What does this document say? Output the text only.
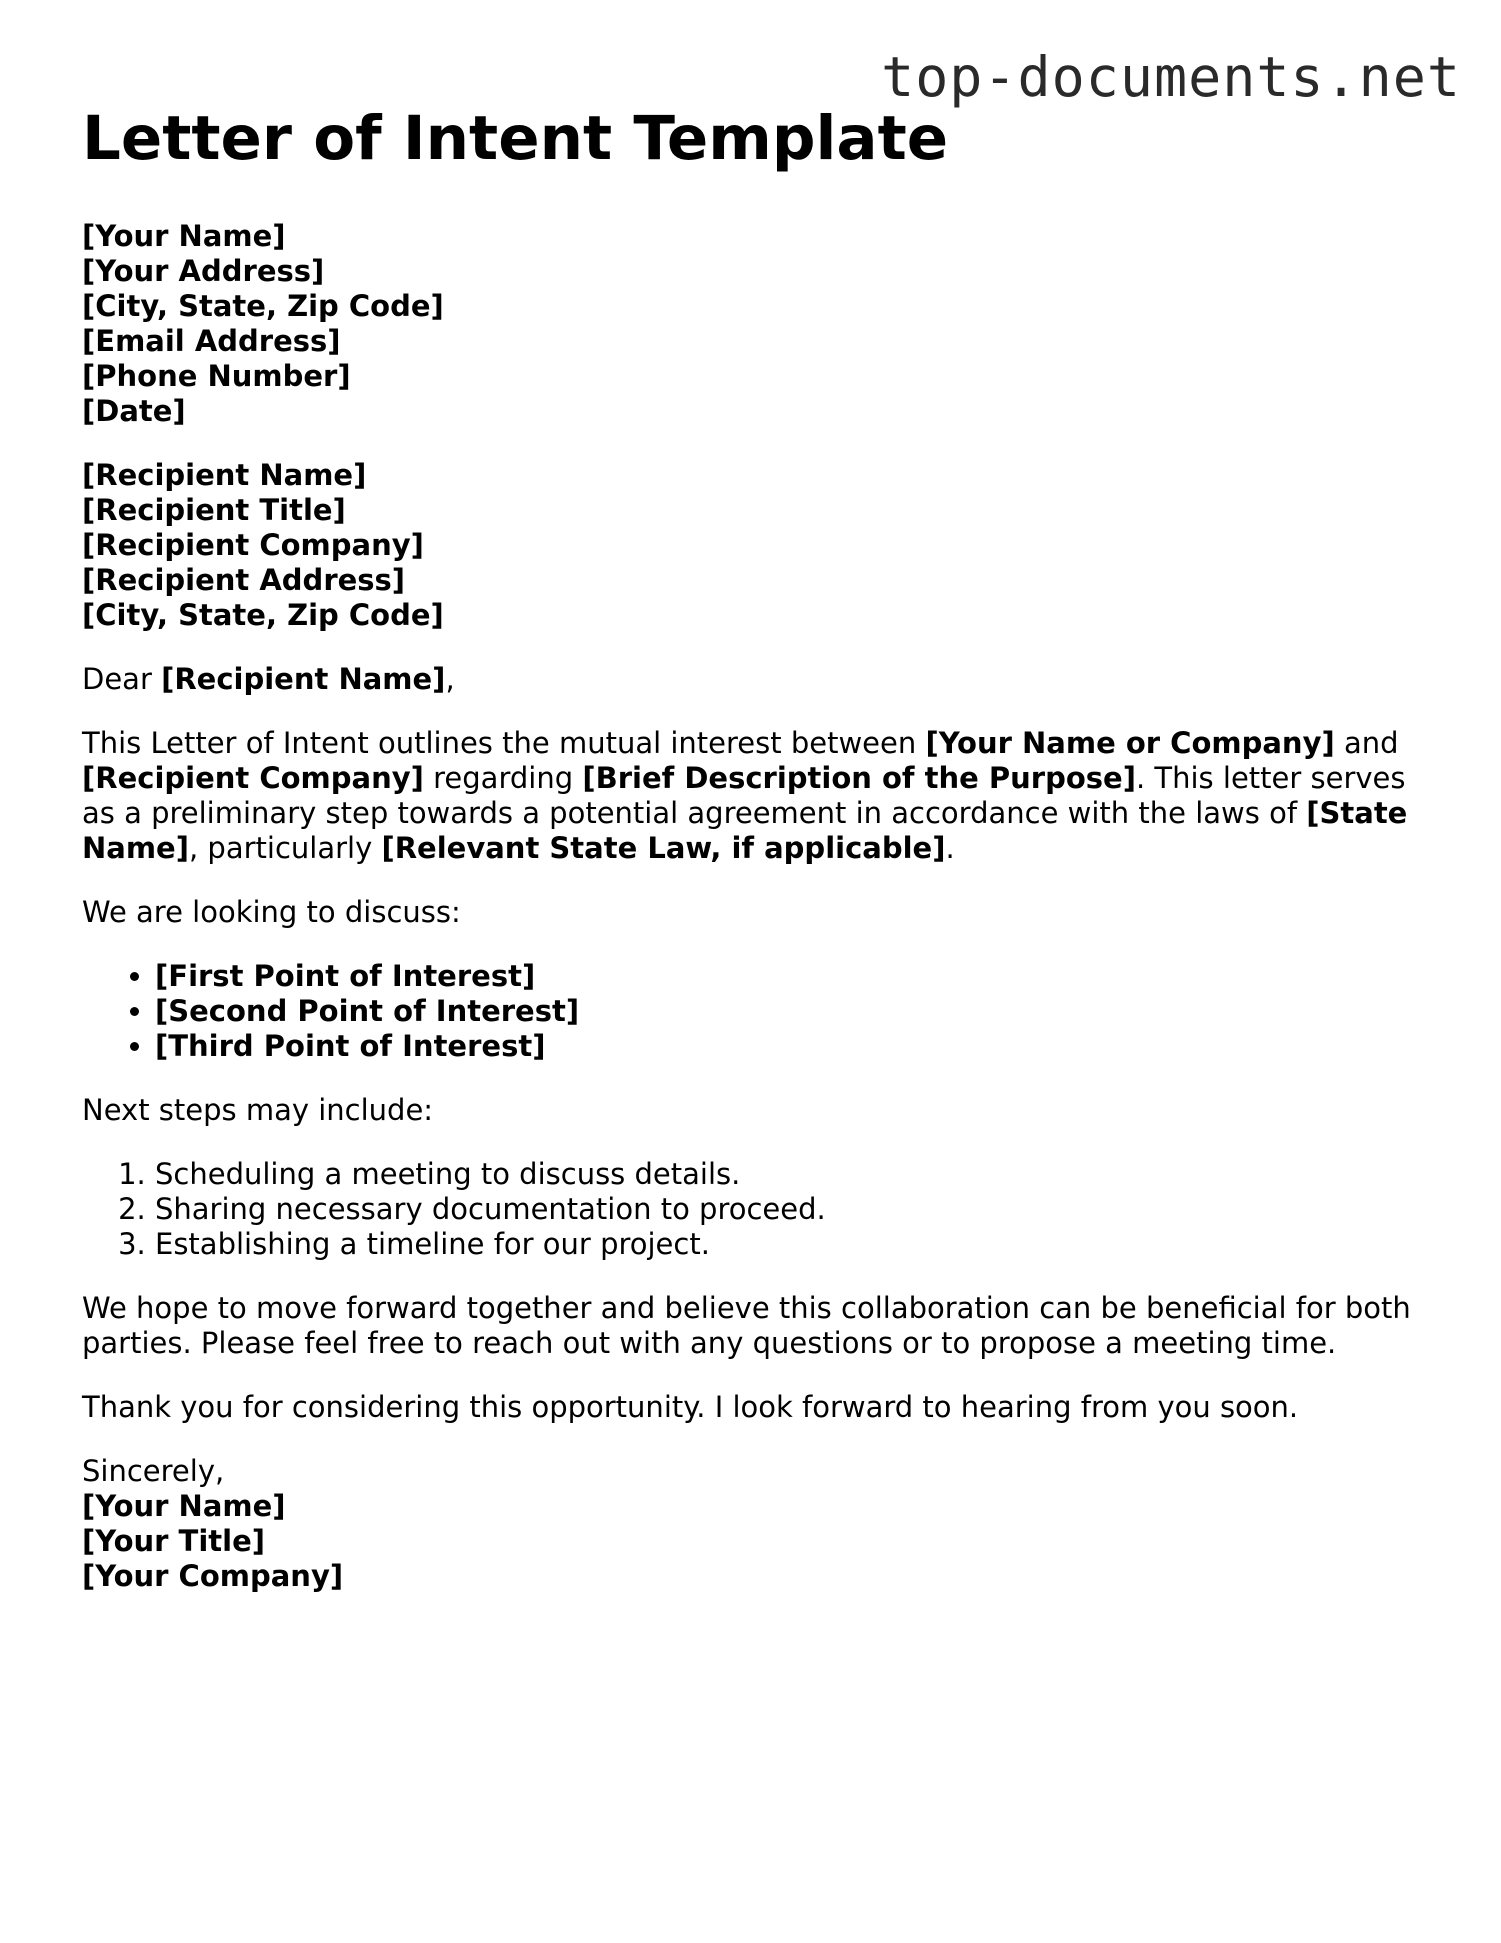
top-documents.net
Letter of Intent Template
[Your Name]
[Your Address]
[City, State, Zip Code]
[Email Address]
[Phone Number]
[Date]
[Recipient Name]
[Recipient Title]
[Recipient Company]
[Recipient Address]
[City, State, Zip Code]

Dear [Recipient Name],

This Letter of Intent outlines the mutual interest between [Your Name or Company] and [Recipient Company] regarding [Brief Description of the Purpose]. This letter serves as a preliminary step towards a potential agreement in accordance with the laws of [State Name], particularly [Relevant State Law, if applicable].

We are looking to discuss:

• [First Point of Interest]
• [Second Point of Interest]
• [Third Point of Interest]

Next steps may include:

1. Scheduling a meeting to discuss details.
2. Sharing necessary documentation to proceed.
3. Establishing a timeline for our project.

We hope to move forward together and believe this collaboration can be beneficial for both parties. Please feel free to reach out with any questions or to propose a meeting time.

Thank you for considering this opportunity. I look forward to hearing from you soon.

Sincerely,
[Your Name]
[Your Title]
[Your Company]
